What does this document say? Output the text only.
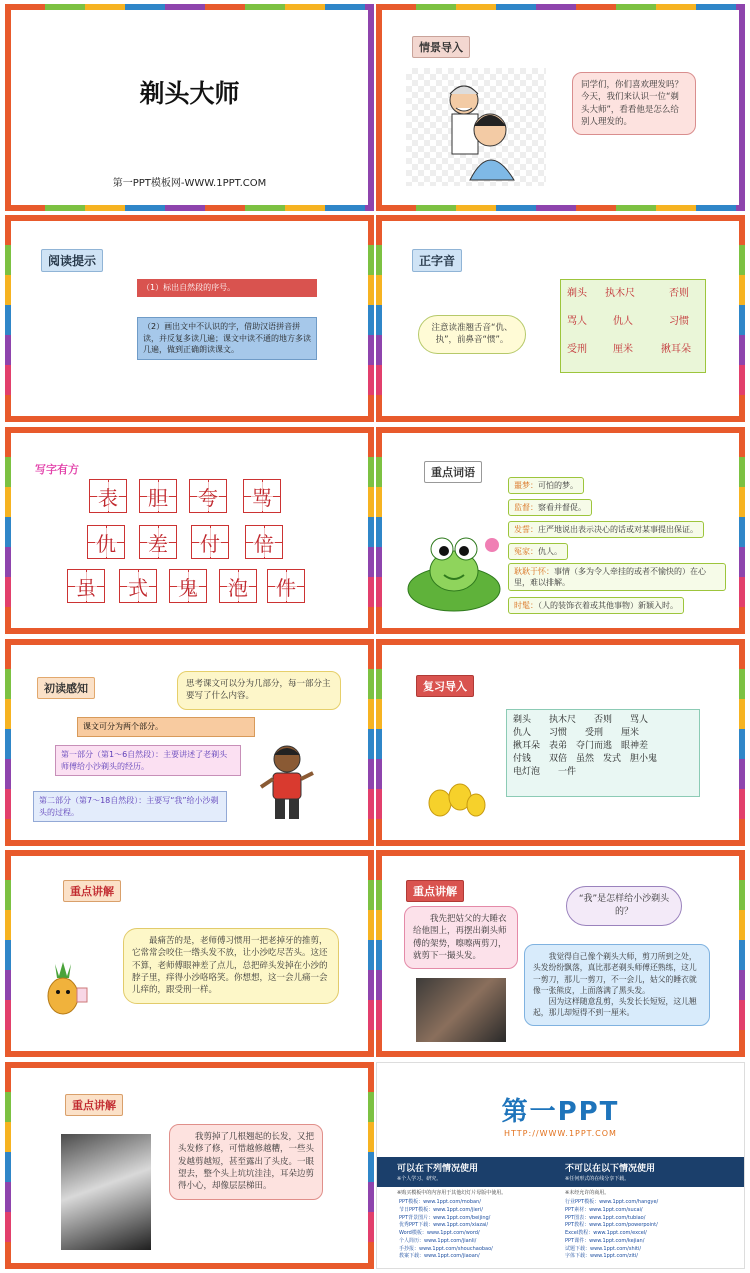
剃头大师
第一PPT模板网-WWW.1PPT.COM
情景导入
同学们，你们喜欢理发吗？今天，我们来认识一位“剃头大师”，看看他是怎么给别人理发的。
阅读提示
（1）标出自然段的序号。
（2）画出文中不认识的字，借助汉语拼音拼读，并反复多读几遍；课文中读不通的地方多读几遍，做到正确朗读课文。
正字音
注意读准翘舌音“仇、执”，前鼻音“惯”。
剃头 执木尺	否则
骂人	仇人	习惯
受刑	厘米	揪耳朵
写字有方
表 胆 夸 骂
仇 差 付 倍
虽 式 鬼 泡 件
重点词语
噩梦：可怕的梦。
监督：察看并督促。
发誓：庄严地说出表示决心的话或对某事提出保证。
冤家：仇人。
耿耿于怀：事情（多为令人牵挂的或者不愉快的）在心里，难以排解。
时髦：（人的装饰衣着或其他事物）新颖入时。
初读感知	思考课文可以分为几部分，每一部分主要写了什么内容。
课文可分为两个部分。
第一部分（第1～6自然段）：主要讲述了老剃头师傅给小沙剃头的经历。
第二部分（第7～18自然段）：主要写“我”给小沙剃头的过程。
复习导入
剃头　　执木尺　　否则　　骂人
仇人　　习惯　　受刑　　厘米
揪耳朵　表弟　夺门而逃　眼神差
付钱　　双倍　虽然　发式　胆小鬼
电灯泡　　一件
重点讲解
　　最痛苦的是，老师傅习惯用一把老掉牙的推剪，它常常会咬住一绺头发不放，让小沙吃尽苦头。这还不算，老师傅眼神差了点儿，总把碎头发掉在小沙的脖子里，痒得小沙咯咯笑。你想想，这一会儿痛一会儿痒的，跟受刑一样。
重点讲解
“我”是怎样给小沙剃头的？
　　我先把姑父的大睡衣给他围上，再摆出剃头师傅的架势，嚓嚓两剪刀，就剪下一撮头发。	　　我觉得自己像个剃头大师，剪刀所到之处，头发纷纷飘落，真比那老剃头师傅还熟练，这儿一剪刀，那儿一剪刀，不一会儿，姑父的睡衣就像一张熊皮，上面落满了黑头发。
　　因为这样随意乱剪，头发长长短短，这儿翘起，那儿却短得不到一厘米。
重点讲解
　　我剪掉了几根翘起的长发，又把头发修了修，可惜越修越糟，一些头发越剪越短，甚至露出了头皮。一眼望去，整个头上坑坑洼洼，耳朵边剪得小心，却像层层梯田。
第一PPT
HTTP://WWW.1PPT.COM
可以在下列情况使用
※个人学习、研究。
不可以在以下情况使用
※任何形式的在线分享下载。
※购买模板中的内容用于其他幻灯片母版中使用。	※未经允许的商用。
PPT模板：www.1ppt.com/moban/
节日PPT模板：www.1ppt.com/jieri/
PPT背景图片：www.1ppt.com/beijing/
优秀PPT下载：www.1ppt.com/xiazai/
Word模板：www.1ppt.com/word/
个人简历：www.1ppt.com/jianli/
手抄报：www.1ppt.com/shouchaobao/
教案下载：www.1ppt.com/jiaoan/
行业PPT模板：www.1ppt.com/hangye/
PPT素材：www.1ppt.com/sucai/
PPT图表：www.1ppt.com/tubiao/
PPT教程：www.1ppt.com/powerpoint/
Excel教程：www.1ppt.com/excel/
PPT课件：www.1ppt.com/kejian/
试题下载：www.1ppt.com/shiti/
字体下载：www.1ppt.com/ziti/
